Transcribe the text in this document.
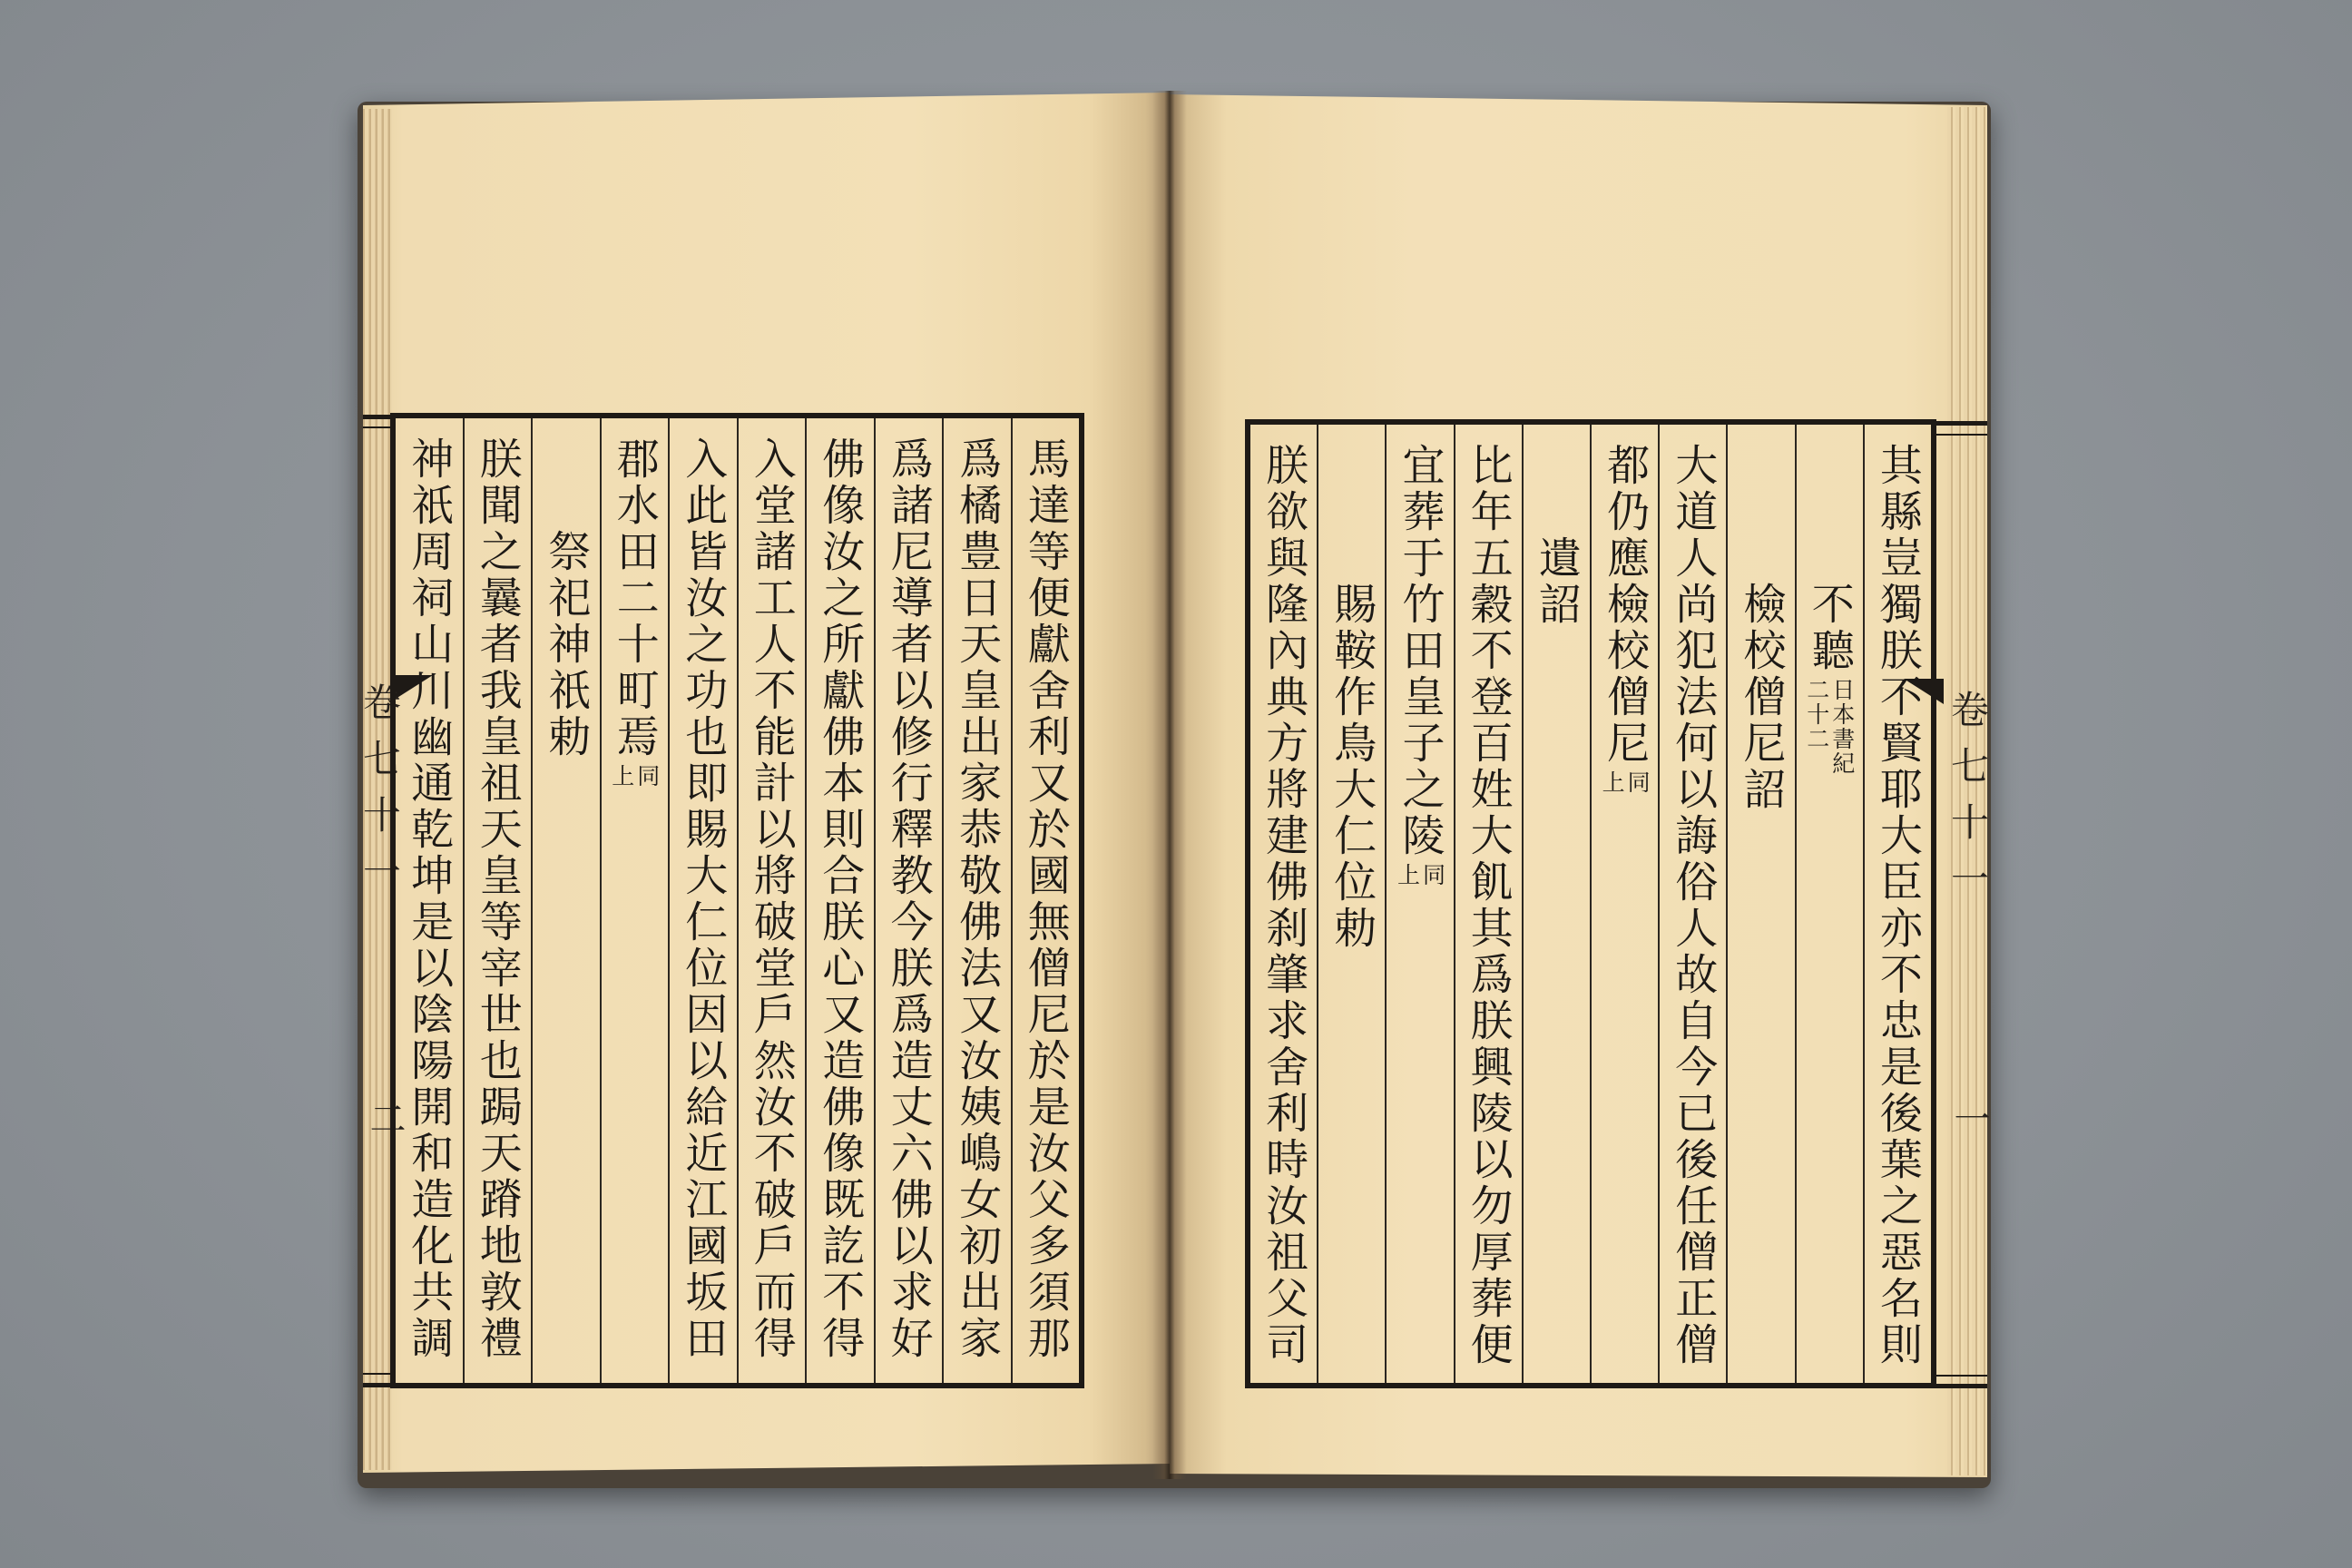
卷七十一
二
卷七十一
一
馬達等便獻舍利又於國無僧尼於是汝父多須那
爲橘豊日天皇出家恭敬佛法又汝姨嶋女初出家
爲諸尼導者以修行釋教今朕爲造丈六佛以求好
佛像汝之所獻佛本則合朕心又造佛像既訖不得
入堂諸工人不能計以將破堂戶然汝不破戶而得
入此皆汝之功也即賜大仁位因以給近江國坂田
郡水田二十町焉
同
上
祭祀神祇勅
朕聞之曩者我皇祖天皇等宰世也跼天蹐地敦禮
神祇周祠山川幽通乾坤是以陰陽開和造化共調	其縣豈獨朕不賢耶大臣亦不忠是後葉之惡名則
不聽
日本書紀
二十二
檢校僧尼詔
大道人尚犯法何以誨俗人故自今已後任僧正僧
都仍應檢校僧尼
同
上
遺詔
比年五穀不登百姓大飢其爲朕興陵以勿厚葬便
宜葬于竹田皇子之陵
同
上
賜鞍作鳥大仁位勅
朕欲與隆內典方將建佛刹肇求舍利時汝祖父司
